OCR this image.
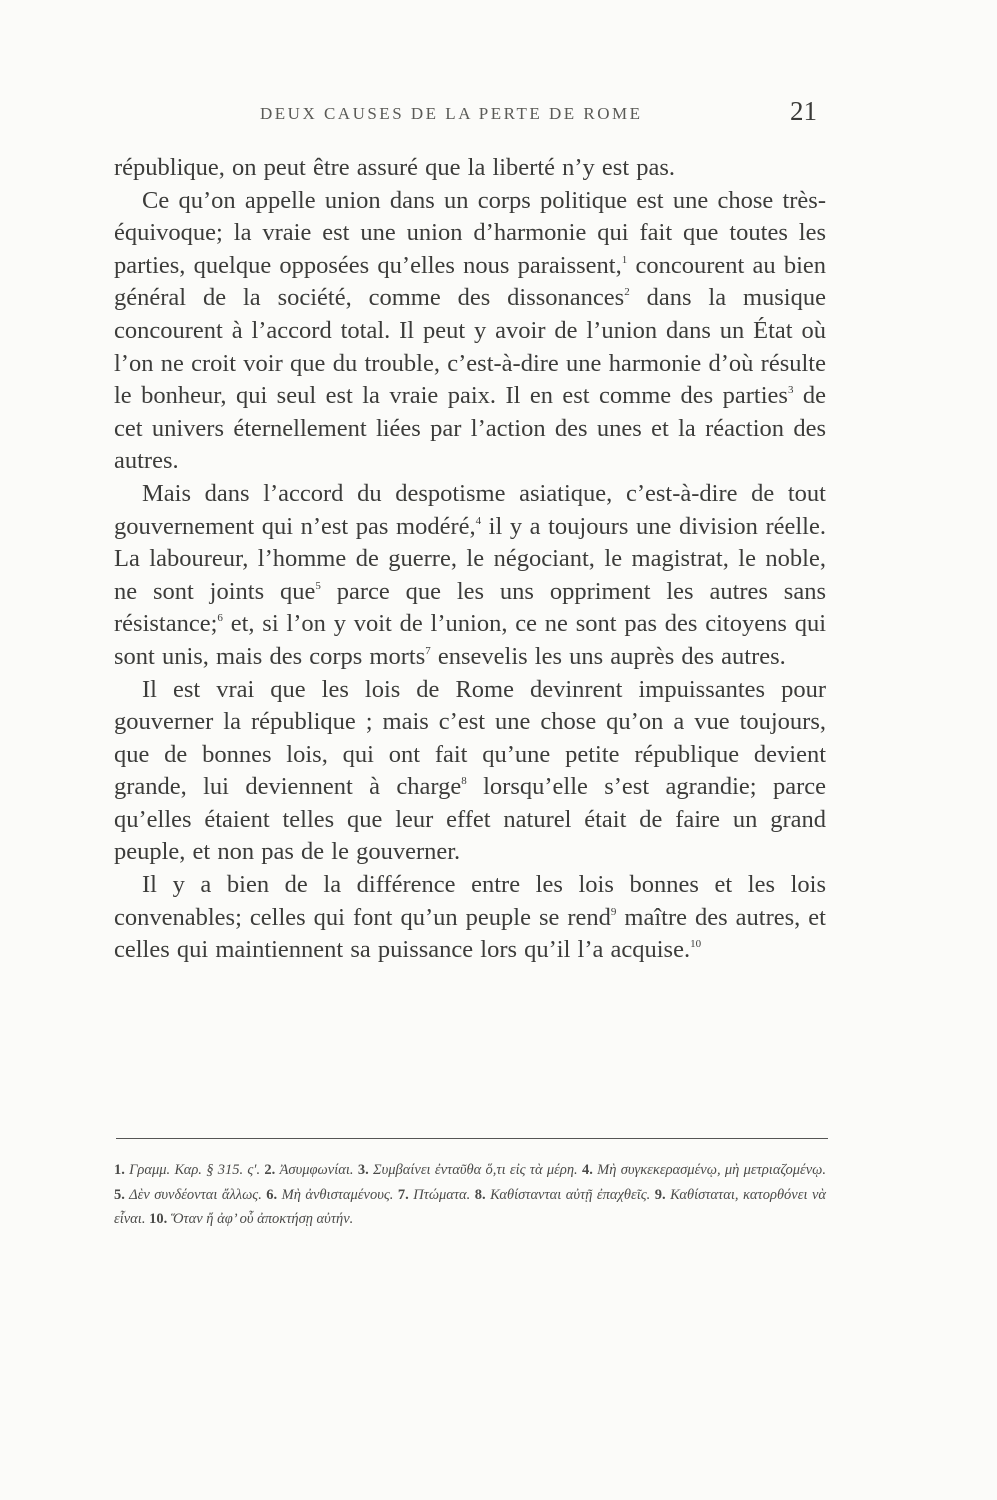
DEUX CAUSES DE LA PERTE DE ROME	21

république, on peut être assuré que la liberté n’y est pas.

Ce qu’on appelle union dans un corps politique est une chose très-équivoque; la vraie est une union d’harmonie qui fait que toutes les parties, quelque opposées qu’elles nous paraissent,$^1$ concourent au bien général de la société, comme des dissonances$^2$ dans la musique concourent à l’accord total. Il peut y avoir de l’union dans un État où l’on ne croit voir que du trouble, c’est-à-dire une harmonie d’où résulte le bonheur, qui seul est la vraie paix. Il en est comme des parties$^3$ de cet univers éternellement liées par l’action des unes et la réaction des autres.

Mais dans l’accord du despotisme asiatique, c’est-à-dire de tout gouvernement qui n’est pas modéré,$^4$ il y a toujours une division réelle. La laboureur, l’homme de guerre, le négociant, le magistrat, le noble, ne sont joints que$^5$ parce que les uns oppriment les autres sans résistance;$^6$ et, si l’on y voit de l’union, ce ne sont pas des citoyens qui sont unis, mais des corps morts$^7$ ensevelis les uns auprès des autres.

Il est vrai que les lois de Rome devinrent impuissantes pour gouverner la république ; mais c’est une chose qu’on a vue toujours, que de bonnes lois, qui ont fait qu’une petite république devient grande, lui deviennent à charge$^8$ lorsqu’elle s’est agrandie; parce qu’elles étaient telles que leur effet naturel était de faire un grand peuple, et non pas de le gouverner.

Il y a bien de la différence entre les lois bonnes et les lois convenables; celles qui font qu’un peuple se rend$^9$ maître des autres, et celles qui maintiennent sa puissance lors qu’il l’a acquise.$^{10}$

1. Γραμμ. Καρ. § 315. ς′. 2. Ἀσυμφωνίαι. 3. Συμβαίνει ἐνταῦθα ὅ,τι εἰς τὰ μέρη. 4. Μὴ συγκεκερασμένῳ, μὴ μετριαζομένῳ. 5. Δὲν συνδέονται ἄλλως. 6. Μὴ ἀνθισταμένους. 7. Πτώματα. 8. Καθίστανται αὐτῇ ἐπαχθεῖς. 9. Καθίσταται, κατορθόνει νὰ εἶναι. 10. Ὅταν ἤ ἀφ’ οὗ ἀποκτήσῃ αὐτήν.
